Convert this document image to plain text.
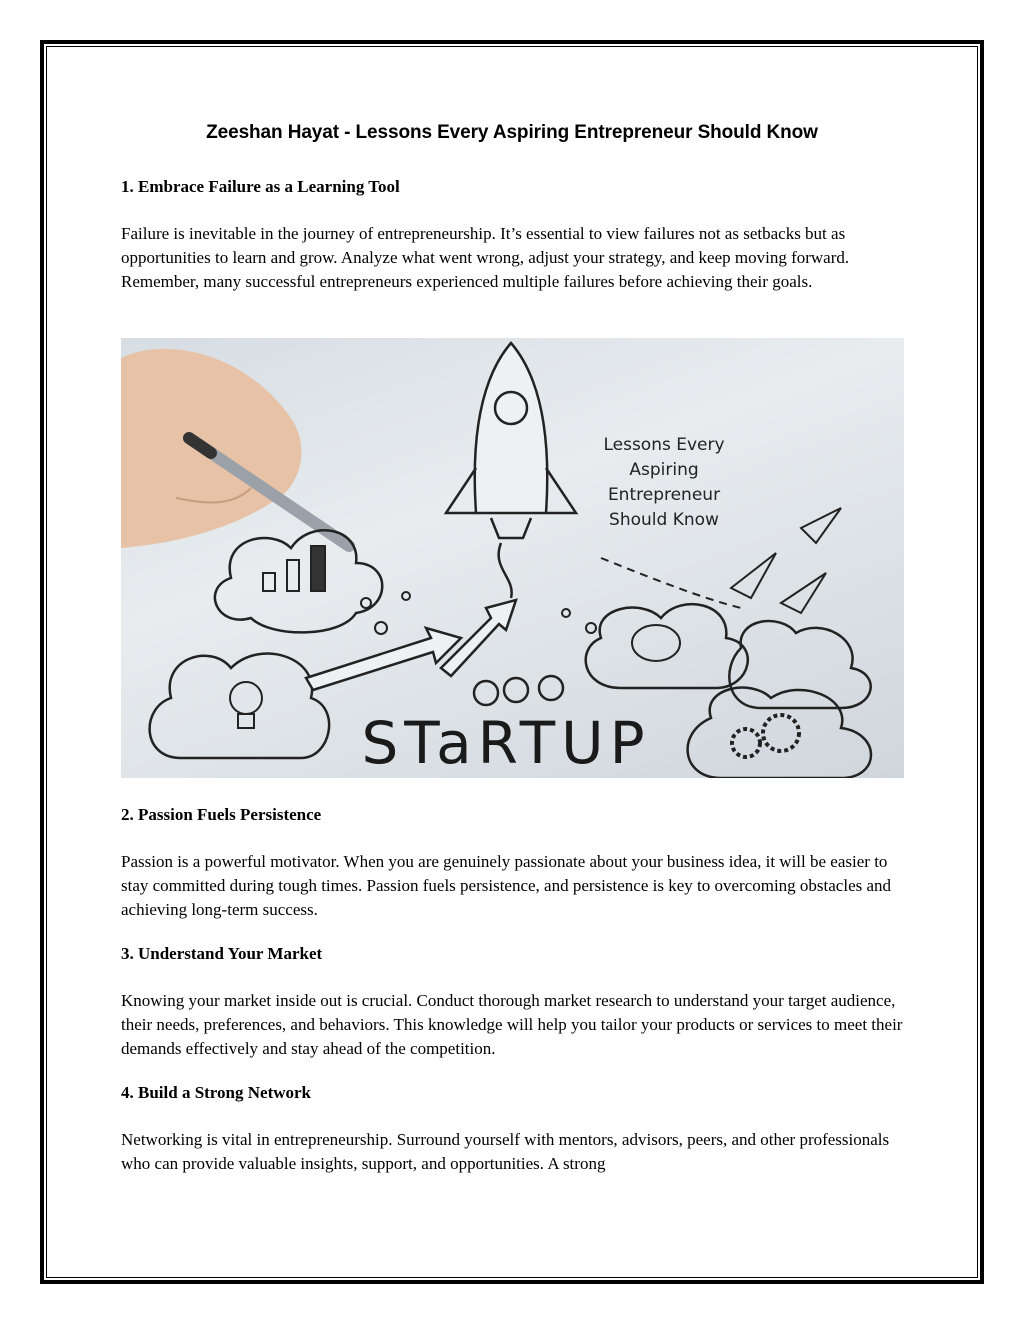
Zeeshan Hayat - Lessons Every Aspiring Entrepreneur Should Know
1. Embrace Failure as a Learning Tool
Failure is inevitable in the journey of entrepreneurship. It’s essential to view failures not as setbacks but as opportunities to learn and grow. Analyze what went wrong, adjust your strategy, and keep moving forward. Remember, many successful entrepreneurs experienced multiple failures before achieving their goals.
Lessons Every
Aspiring
Entrepreneur
Should Know
STaRTUP
2. Passion Fuels Persistence
Passion is a powerful motivator. When you are genuinely passionate about your business idea, it will be easier to stay committed during tough times. Passion fuels persistence, and persistence is key to overcoming obstacles and achieving long-term success.
3. Understand Your Market
Knowing your market inside out is crucial. Conduct thorough market research to understand your target audience, their needs, preferences, and behaviors. This knowledge will help you tailor your products or services to meet their demands effectively and stay ahead of the competition.
4. Build a Strong Network
Networking is vital in entrepreneurship. Surround yourself with mentors, advisors, peers, and other professionals who can provide valuable insights, support, and opportunities. A strong
